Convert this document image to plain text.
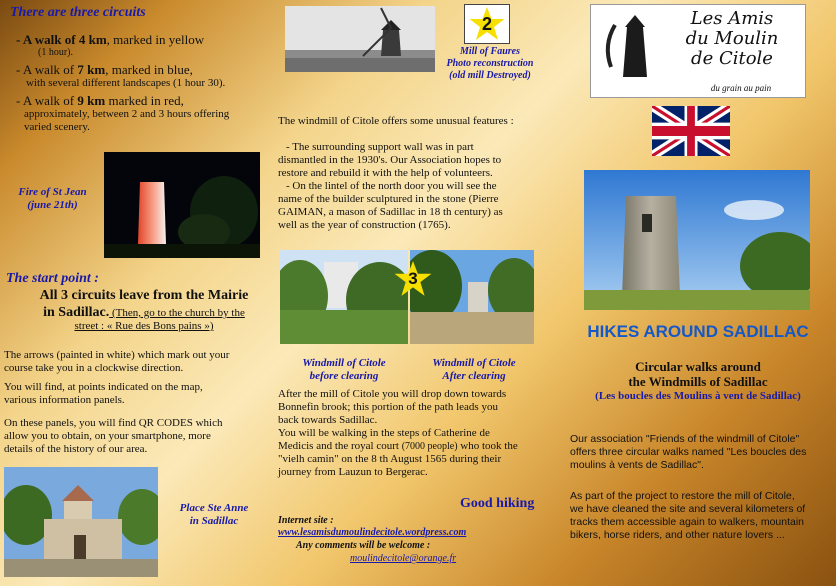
There are three circuits
- A walk of 4 km, marked in yellow
(1 hour).
- A walk of 7 km, marked in blue,
with several different landscapes (1 hour 30).
- A walk of 9 km marked in red,
approximately, between 2 and 3 hours offering
varied scenery.
Fire of St Jean
(june 21th)
The start point :
All 3 circuits leave from the Mairie
in Sadillac. (Then, go to the church by the
street : « Rue des Bons pains »)
The arrows (painted in white) which mark out your
course take you in a clockwise direction.
You will find, at points indicated on the map,
various information panels.
On these panels, you will find QR CODES which
allow you to obtain, on your smartphone, more
details of the history of our area.
Place Ste Anne
in Sadillac
2
Mill of Faures
Photo reconstruction
(old mill Destroyed)
The windmill of Citole offers some unusual features :
- The surrounding support wall was in part
dismantled in the 1930's. Our Association hopes to
restore and rebuild it with the help of volunteers.
- On the lintel of the north door you will see the
name of the builder sculptured in the stone (Pierre
GAIMAN, a mason of Sadillac in 18 th century) as
well as the year of construction (1765).
3
Windmill of Citole
before clearing
Windmill of Citole
After clearing
After the mill of Citole you will drop down towards
Bonnefin brook; this portion of the path leads you
back towards Sadillac.
You will be walking in the steps of Catherine de
Medicis and the royal court (7000 people) who took the
"vielh camin" on the 8 th August 1565 during their
journey from Lauzun to Bergerac.
Good hiking
Internet site :
www.lesamisdumoulindecitole.wordpress.com
Any comments will be welcome :
moulindecitole@orange.fr
Les Amis
du Moulin
de Citole
du grain au pain
HIKES AROUND SADILLAC
Circular walks around
the Windmills of Sadillac
(Les boucles des Moulins à vent de Sadillac)
Our association "Friends of the windmill of Citole"
offers three circular walks named "Les boucles des
moulins à vents de Sadillac".
As part of the project to restore the mill of Citole,
we have cleaned the site and several kilometers of
tracks them accessible again to walkers, mountain
bikers, horse riders, and other nature lovers ...
